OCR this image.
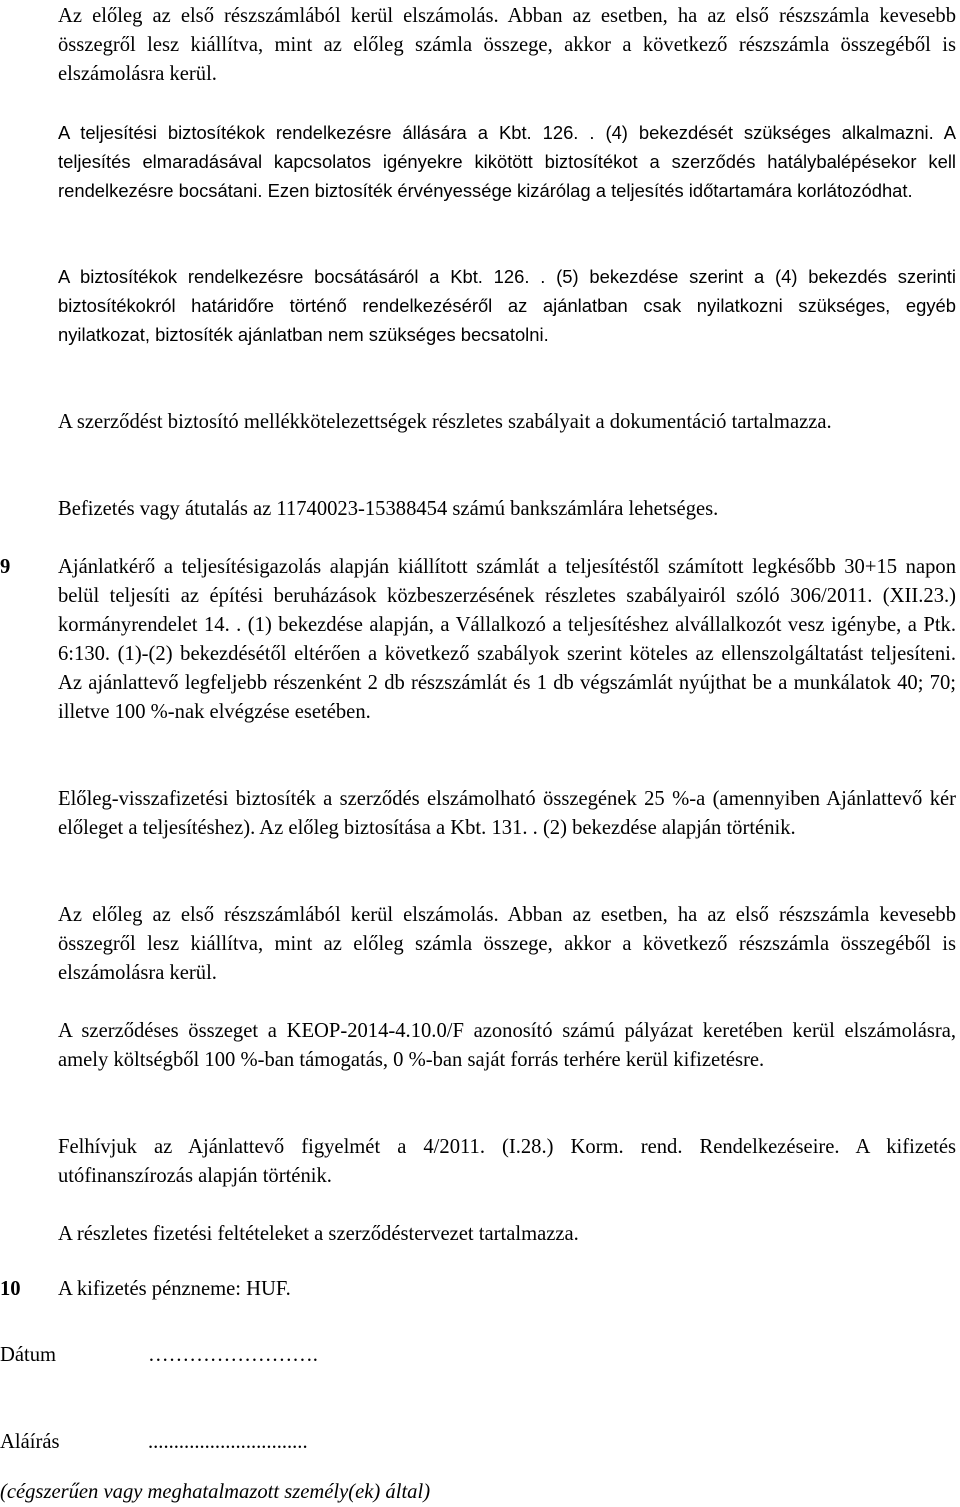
Az előleg az első részszámlából kerül elszámolás. Abban az esetben, ha az első részszámla kevesebb összegről lesz kiállítva, mint az előleg számla összege, akkor a következő részszámla összegéből is elszámolásra kerül.
A teljesítési biztosítékok rendelkezésre állására a Kbt. 126. . (4) bekezdését szükséges alkalmazni. A teljesítés elmaradásával kapcsolatos igényekre kikötött biztosítékot a szerződés hatálybalépésekor kell rendelkezésre bocsátani. Ezen biztosíték érvényessége kizárólag a teljesítés időtartamára korlátozódhat.
A biztosítékok rendelkezésre bocsátásáról a Kbt. 126. . (5) bekezdése szerint a (4) bekezdés szerinti biztosítékokról határidőre történő rendelkezéséről az ajánlatban csak nyilatkozni szükséges, egyéb nyilatkozat, biztosíték ajánlatban nem szükséges becsatolni.
A szerződést biztosító mellékkötelezettségek részletes szabályait a dokumentáció tartalmazza.
Befizetés vagy átutalás az 11740023-15388454 számú bankszámlára lehetséges.
9 Ajánlatkérő a teljesítésigazolás alapján kiállított számlát a teljesítéstől számított legkésőbb 30+15 napon belül teljesíti az építési beruházások közbeszerzésének részletes szabályairól szóló 306/2011. (XII.23.) kormányrendelet 14. . (1) bekezdése alapján, a Vállalkozó a teljesítéshez alvállalkozót vesz igénybe, a Ptk. 6:130. (1)-(2) bekezdésétől eltérően a következő szabályok szerint köteles az ellenszolgáltatást teljesíteni. Az ajánlattevő legfeljebb részenként 2 db részszámlát és 1 db végszámlát nyújthat be a munkálatok 40; 70; illetve 100 %-nak elvégzése esetében.
Előleg-visszafizetési biztosíték a szerződés elszámolható összegének 25 %-a (amennyiben Ajánlattevő kér előleget a teljesítéshez). Az előleg biztosítása a Kbt. 131. . (2) bekezdése alapján történik.
Az előleg az első részszámlából kerül elszámolás. Abban az esetben, ha az első részszámla kevesebb összegről lesz kiállítva, mint az előleg számla összege, akkor a következő részszámla összegéből is elszámolásra kerül.
A szerződéses összeget a KEOP-2014-4.10.0/F azonosító számú pályázat keretében kerül elszámolásra, amely költségből 100 %-ban támogatás, 0 %-ban saját forrás terhére kerül kifizetésre.
Felhívjuk az Ajánlattevő figyelmét a 4/2011. (I.28.) Korm. rend. Rendelkezéseire. A kifizetés utófinanszírozás alapján történik.
A részletes fizetési feltételeket a szerződéstervezet tartalmazza.
10 A kifizetés pénzneme: HUF.
Dátum	…………………….
Aláírás	...............................
(cégszerűen vagy meghatalmazott személy(ek) által)
